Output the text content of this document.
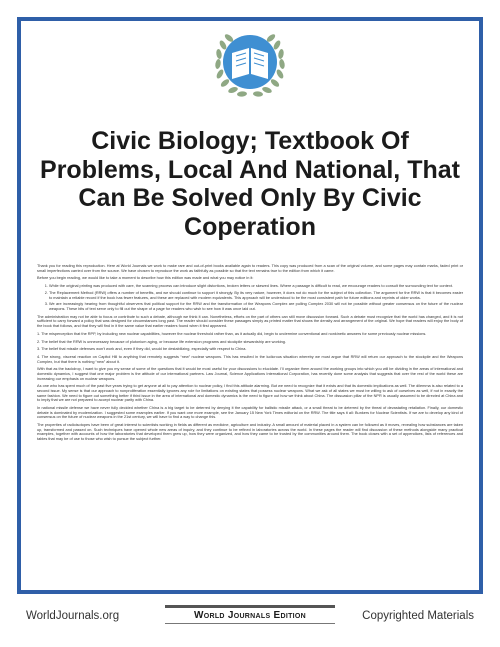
Civic Biology; Textbook Of Problems, Local And National, That Can Be Solved Only By Civic Coperation

Thank you for reading this reproduction. Here at World Journals we work to make rare and out-of-print books available again to readers. This copy was produced from a scan of the original volume, and some pages may contain marks, faded print or small imperfections carried over from the source. We have chosen to reproduce the work as faithfully as possible so that the text remains true to the edition from which it came.

Before you begin reading, we would like to take a moment to describe how this edition was made and what you may notice in it:

1. While the original printing was produced with care, the scanning process can introduce slight distortions, broken letters or skewed lines. Where a passage is difficult to read, we encourage readers to consult the surrounding text for context.
2. The Replacement Method (RRW) offers a number of benefits, and we should continue to support it strongly. By its very nature, however, it does not do much for the subject of this collection. The argument for the RRW is that it becomes easier to maintain a reliable record if the book has fewer features, and these are replaced with modern equivalents. This approach will be understood to be the most consistent path for future editions and reprints of older works.
3. We are increasingly hearing from thoughtful observers that political support for the RRW and the transformation of the Weapons Complex are pulling Complex 2030 will not be possible without greater consensus on the future of the nuclear weapons. These bits of text serve only to fill out the shape of a page for readers who wish to see how it was once laid out.

The administration may not be able to focus or contribute to such a debate, although we think it can. Nonetheless, efforts on the part of others can still move discussion forward. Such a debate must recognize that the world has changed, and it is not sufficient to carry forward a policy that was designed for circumstances long past. The reader should consider these passages simply as printed matter that shows the density and arrangement of the original. We hope that readers will enjoy the body of the book that follows, and that they will find in it the same value that earlier readers found when it first appeared.

1. The misperception that the RPP, by including new nuclear capabilities, however the nuclear threshold rather than, as it actually did, begin to undermine conventional and nonkinetic answers for some previously nuclear missions.

2. The belief that the RRW is unnecessary because of plutonium aging, or because life extension programs and stockpile stewardship are working.

3. The belief that missile defenses won't work and, even if they did, would be destabilizing, especially with respect to China.

4. The strong, visceral reaction on Capitol Hill to anything that remotely suggests “new” nuclear weapons. This has resulted in the ludicrous situation whereby we must argue that RRW will return our approach to the stockpile and the Weapons Complex, but that there is nothing “new” about it.

With that as the backdrop, I want to give you my sense of some of the questions that it would be most useful for your discussions to elucidate. I'll organize them around the working groups into which you will be dividing in the areas of international and domestic dynamics, I suggest that one major problem is the attitude of our international partners. Law Journal, Science Applications International Corporation, has recently done some analysis that suggests that over the rest of the world these are increasing our emphasis on nuclear weapons.

As one who has spent much of the past five years trying to get anyone at all to pay attention to nuclear policy, I find this attitude alarming. But we need to recognize that it exists and that its domestic implications as well. The dilemma is also related to a second issue. My sense is that our approach to nonproliferation essentially ignores any role for limitations on existing states that possess nuclear weapons. What we ask of all states we must be willing to ask of ourselves as well, if not in exactly the same fashion. We need to figure out something better if third issue in the area of international and domestic dynamics is the need to figure out how we think about China. The dissuasion pillar of the NPR is usually assumed to be directed at China and to imply that we are not prepared to accept nuclear parity with China.

In national missile defense we have never fully decided whether China is a big target to be deterred by denying it the capability for ballistic missile attack, or a small threat to be deterred by the threat of devastating retaliation. Finally, our domestic debate is dominated by modernization. I suggested some examples earlier. If you want one more example, see the January 15 New York Times editorial on the RRW. The title says it all: Bunkers for Nuclear Scientists. If we are to develop any kind of consensus on the future of nuclear weapons in the 21st century, we will have to find a way to change this.

The properties of radioisotopes have been of great interest to scientists working in fields as different as medicine, agriculture and industry. A small amount of material placed in a system can be followed as it moves, revealing how substances are taken up, transformed and passed on. Such techniques have opened whole new areas of inquiry, and they continue to be refined in laboratories across the world. In these pages the reader will find discussion of these methods alongside many practical examples, together with accounts of how the laboratories that developed them grew up, how they were organized, and how they came to be trusted by the communities around them. The book closes with a set of appendices, lists of references and tables that may be of use to those who wish to pursue the subject further.

WorldJournals.org	World Journals Edition	Copyrighted Materials
